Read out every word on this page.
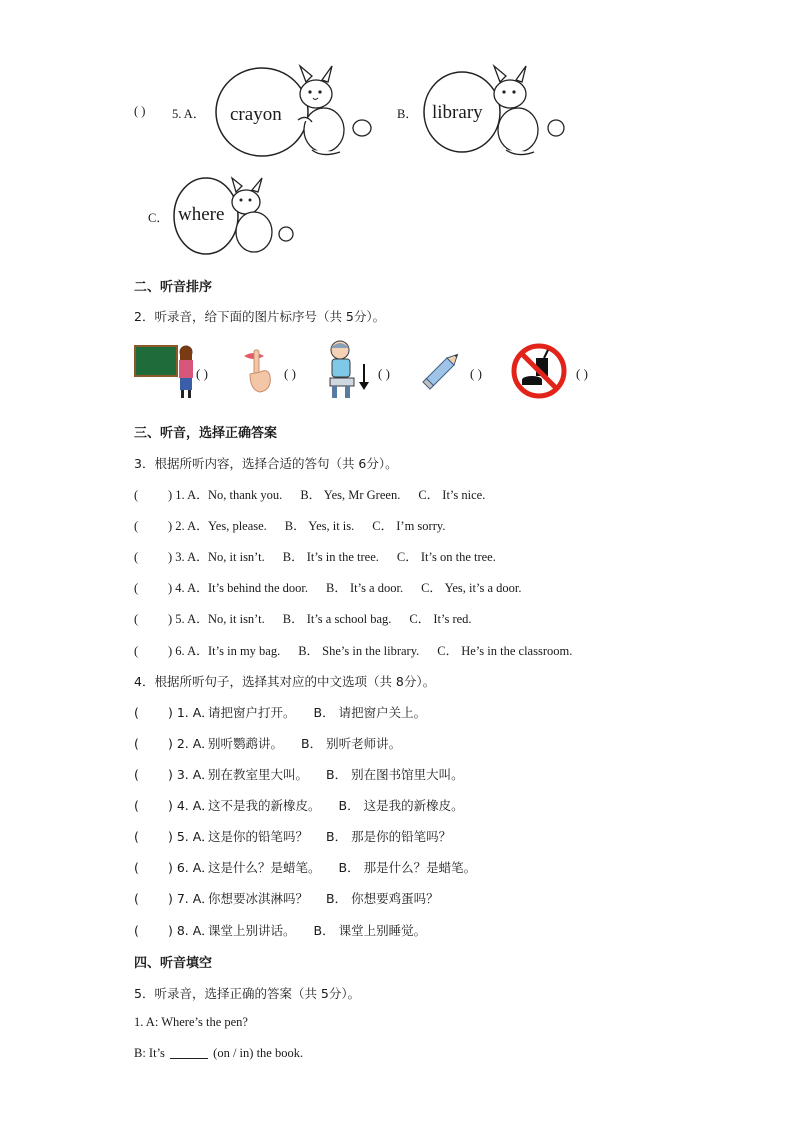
( ) 5. A． crayon	B． library
C． where
二、听音排序
2．听录音，给下面的图片标序号（共 5分）。
( )	( )	( )	( )	( )
三、听音，选择正确答案
3．根据所听内容，选择合适的答句（共 6分）。
( ) 1. A．No, thank you. B． Yes, Mr Green. C． It’s nice.
( ) 2. A．Yes, please. B． Yes, it is. C． I’m sorry.
( ) 3. A．No, it isn’t. B． It’s in the tree. C． It’s on the tree.
( ) 4. A．It’s behind the door. B． It’s a door. C． Yes, it’s a door.
( ) 5. A．No, it isn’t. B． It’s a school bag. C． It’s red.
( ) 6. A．It’s in my bag. B． She’s in the library. C． He’s in the classroom.
4．根据所听句子，选择其对应的中文选项（共 8分）。
( ) 1. A．请把窗户打开。 B． 请把窗户关上。
( ) 2. A．别听鹦鹉讲。 B． 别听老师讲。
( ) 3. A．别在教室里大叫。 B． 别在图书馆里大叫。
( ) 4. A．这不是我的新橡皮。 B． 这是我的新橡皮。
( ) 5. A．这是你的铅笔吗？ B． 那是你的铅笔吗？
( ) 6. A．这是什么？是蜡笔。 B． 那是什么？是蜡笔。
( ) 7. A．你想要冰淇淋吗？ B． 你想要鸡蛋吗？
( ) 8. A．课堂上别讲话。 B． 课堂上别睡觉。
四、听音填空
5．听录音，选择正确的答案（共 5分）。
1. A: Where’s the pen?
B: It’s	(on / in) the book.
